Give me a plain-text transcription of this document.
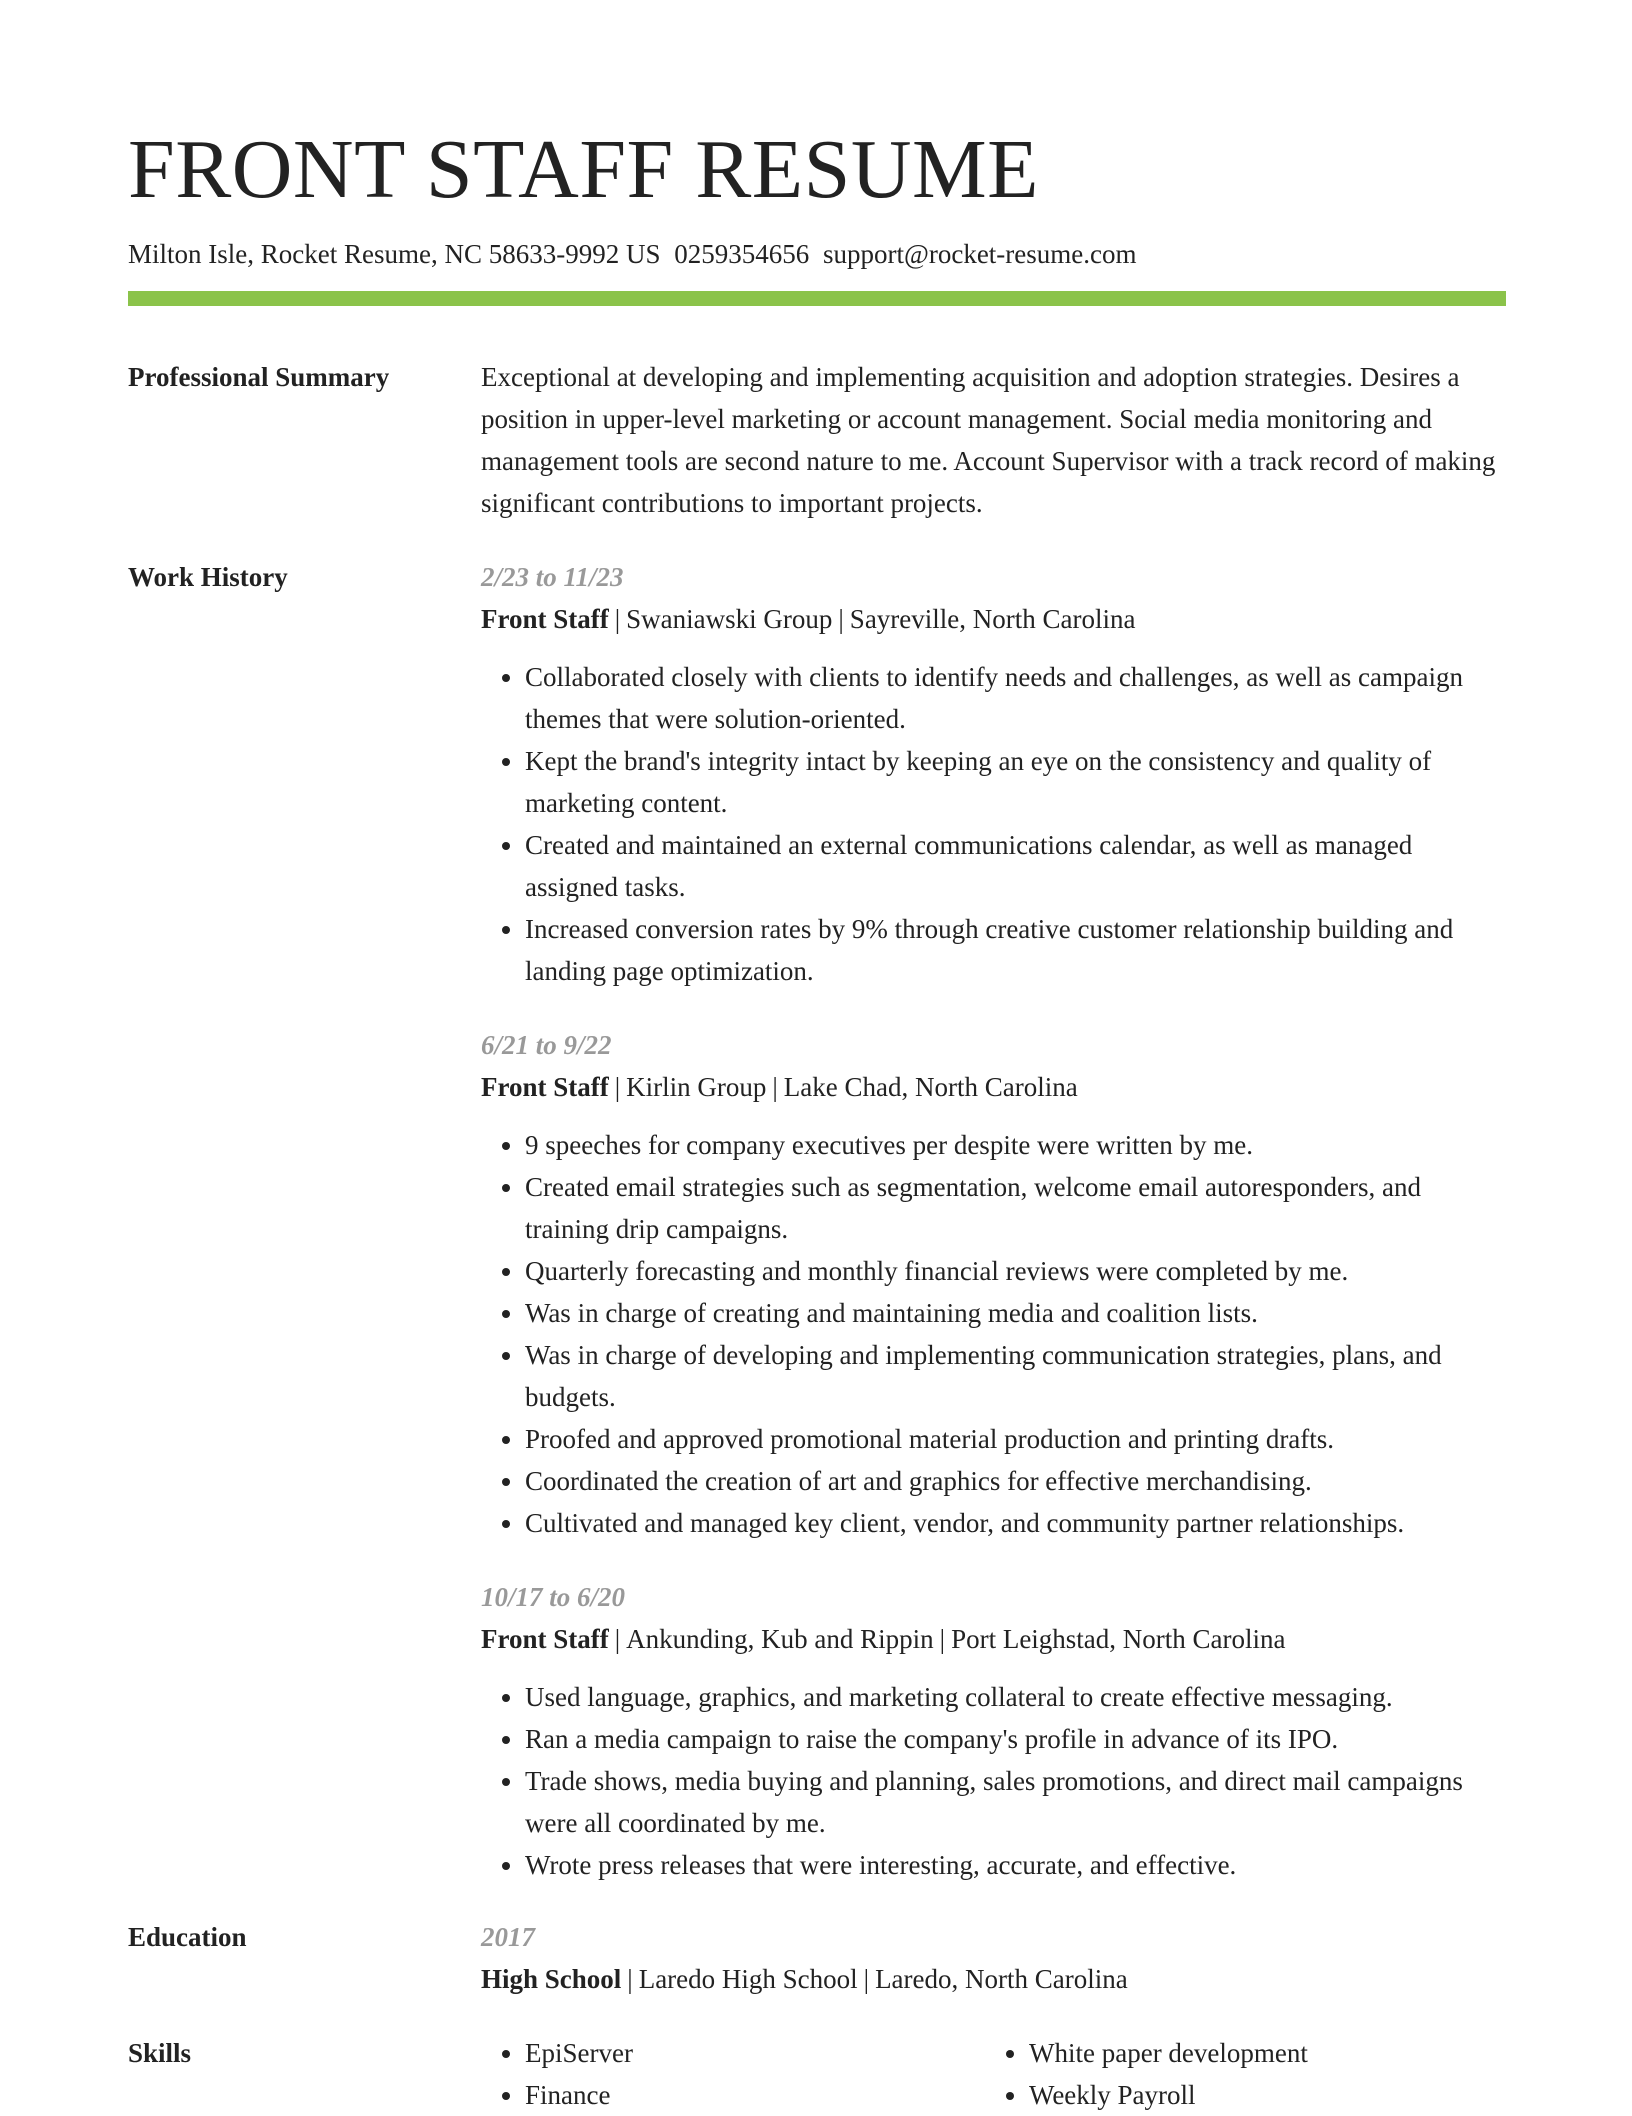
FRONT STAFF RESUME
Milton Isle, Rocket Resume, NC 58633-9992 US 0259354656 support@rocket-resume.com
Professional Summary	Exceptional at developing and implementing acquisition and adoption strategies. Desires a position in upper-level marketing or account management. Social media monitoring and management tools are second nature to me. Account Supervisor with a track record of making significant contributions to important projects.

Work History	2/23 to 11/23
Front Staff | Swaniawski Group | Sayreville, North Carolina
• Collaborated closely with clients to identify needs and challenges, as well as campaign themes that were solution-oriented.
• Kept the brand's integrity intact by keeping an eye on the consistency and quality of marketing content.
• Created and maintained an external communications calendar, as well as managed assigned tasks.
• Increased conversion rates by 9% through creative customer relationship building and landing page optimization.
6/21 to 9/22
Front Staff | Kirlin Group | Lake Chad, North Carolina
• 9 speeches for company executives per despite were written by me.
• Created email strategies such as segmentation, welcome email autoresponders, and training drip campaigns.
• Quarterly forecasting and monthly financial reviews were completed by me.
• Was in charge of creating and maintaining media and coalition lists.
• Was in charge of developing and implementing communication strategies, plans, and budgets.
• Proofed and approved promotional material production and printing drafts.
• Coordinated the creation of art and graphics for effective merchandising.
• Cultivated and managed key client, vendor, and community partner relationships.
10/17 to 6/20
Front Staff | Ankunding, Kub and Rippin | Port Leighstad, North Carolina
• Used language, graphics, and marketing collateral to create effective messaging.
• Ran a media campaign to raise the company's profile in advance of its IPO.
• Trade shows, media buying and planning, sales promotions, and direct mail campaigns were all coordinated by me.
• Wrote press releases that were interesting, accurate, and effective.
Education	2017
High School | Laredo High School | Laredo, North Carolina
Skills
•	EpiServer
• Finance
• White paper development
• Weekly Payroll
